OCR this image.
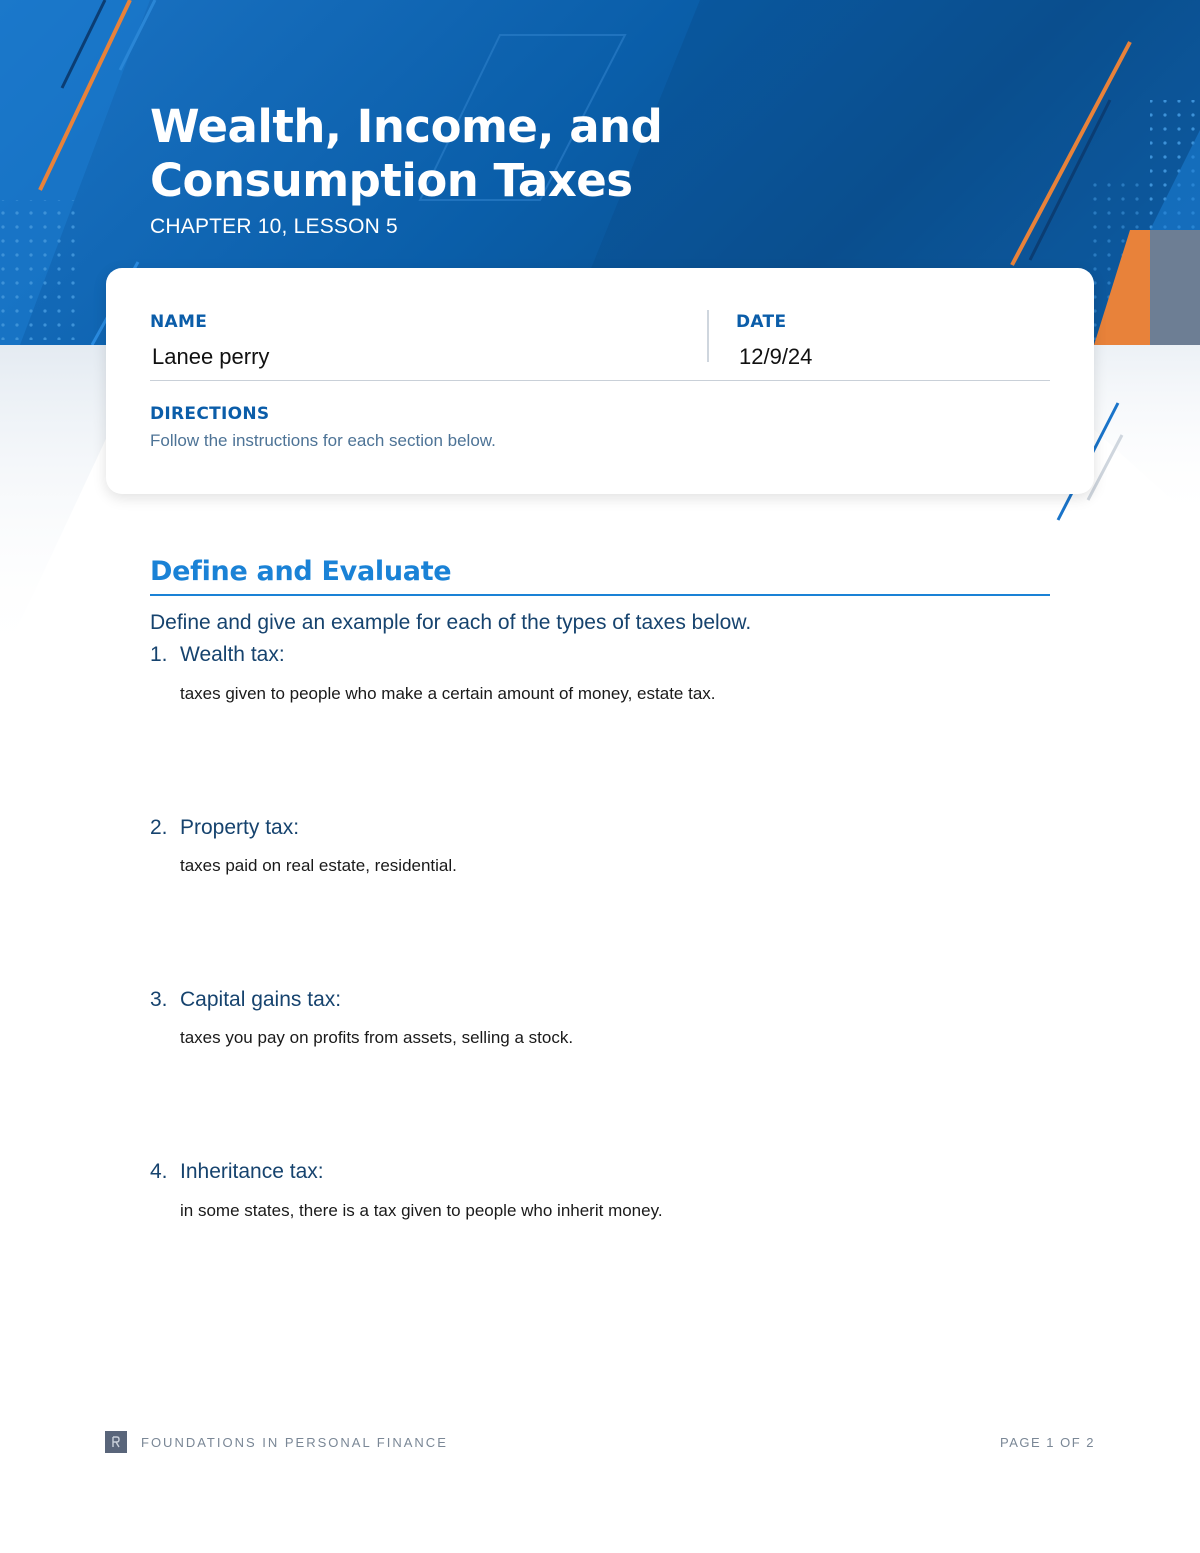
Wealth, Income, and Consumption Taxes
CHAPTER 10, LESSON 5
NAME
Lanee perry
DATE
12/9/24
DIRECTIONS
Follow the instructions for each section below.
Define and Evaluate
Define and give an example for each of the types of taxes below.
1. Wealth tax:
taxes given to people who make a certain amount of money, estate tax.
2. Property tax:
taxes paid on real estate, residential.
3. Capital gains tax:
taxes you pay on profits from assets, selling a stock.
4. Inheritance tax:
in some states, there is a tax given to people who inherit money.
FOUNDATIONS IN PERSONAL FINANCE	PAGE 1 OF 2
